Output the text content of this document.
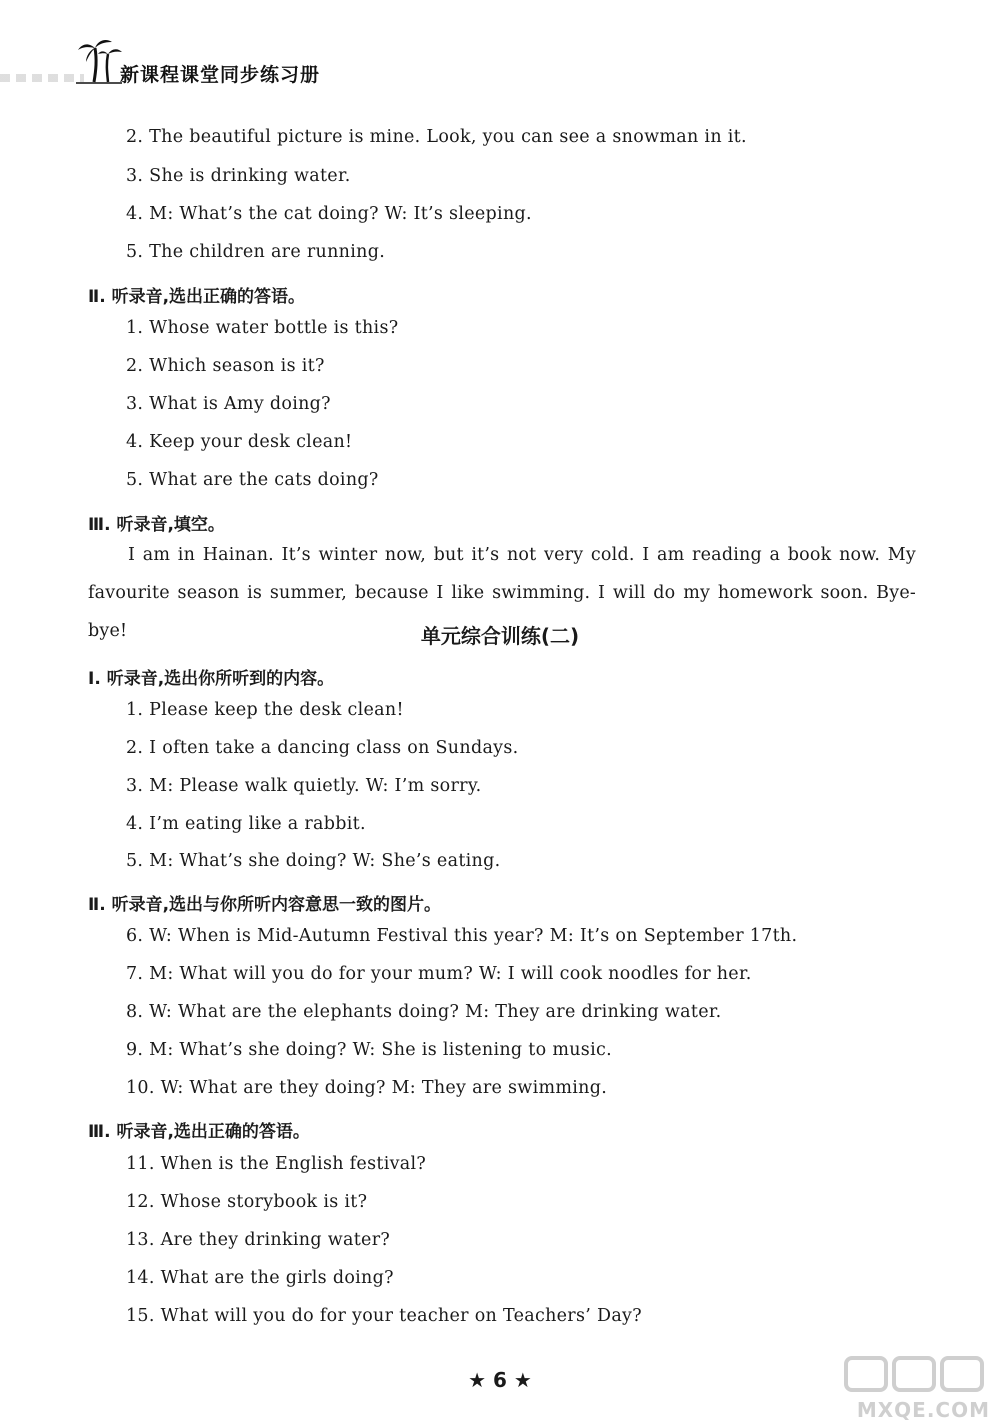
新课程课堂同步练习册
2. The beautiful picture is mine. Look, you can see a snowman in it.
3. She is drinking water.
4. M: What’s the cat doing? W: It’s sleeping.
5. The children are running.
Ⅱ. 听录音,选出正确的答语。
1. Whose water bottle is this?
2. Which season is it?
3. What is Amy doing?
4. Keep your desk clean!
5. What are the cats doing?
Ⅲ. 听录音,填空。
I am in Hainan. It’s winter now, but it’s not very cold. I am reading a book now. My favourite season is summer, because I like swimming. I will do my homework soon. Bye-bye!	单元综合训练(二)
Ⅰ. 听录音,选出你所听到的内容。
1. Please keep the desk clean!
2. I often take a dancing class on Sundays.
3. M: Please walk quietly. W: I’m sorry.
4. I’m eating like a rabbit.
5. M: What’s she doing? W: She’s eating.
Ⅱ. 听录音,选出与你所听内容意思一致的图片。
6. W: When is Mid-Autumn Festival this year? M: It’s on September 17th.
7. M: What will you do for your mum? W: I will cook noodles for her.
8. W: What are the elephants doing? M: They are drinking water.
9. M: What’s she doing? W: She is listening to music.
10. W: What are they doing? M: They are swimming.
Ⅲ. 听录音,选出正确的答语。
11. When is the English festival?
12. Whose storybook is it?
13. Are they drinking water?
14. What are the girls doing?
15. What will you do for your teacher on Teachers’ Day?
★ 6 ★
MXQE.COM
